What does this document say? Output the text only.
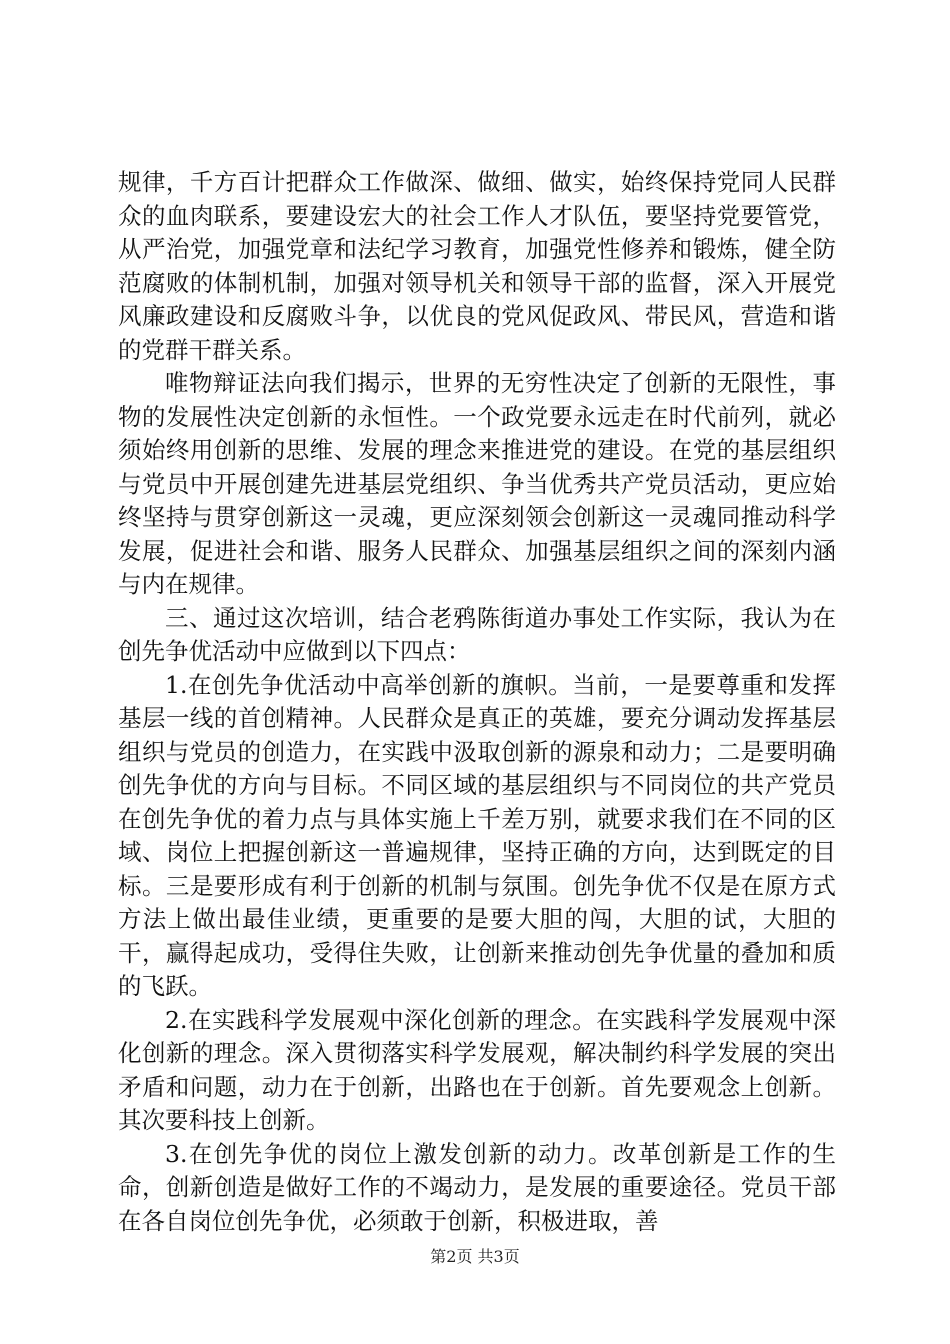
规律，千方百计把群众工作做深、做细、做实，始终保持党同人民群众的血肉联系，要建设宏大的社会工作人才队伍，要坚持党要管党，从严治党，加强党章和法纪学习教育，加强党性修养和锻炼，健全防范腐败的体制机制，加强对领导机关和领导干部的监督，深入开展党风廉政建设和反腐败斗争，以优良的党风促政风、带民风，营造和谐的党群干群关系。

唯物辩证法向我们揭示，世界的无穷性决定了创新的无限性，事物的发展性决定创新的永恒性。一个政党要永远走在时代前列，就必须始终用创新的思维、发展的理念来推进党的建设。在党的基层组织与党员中开展创建先进基层党组织、争当优秀共产党员活动，更应始终坚持与贯穿创新这一灵魂，更应深刻领会创新这一灵魂同推动科学发展，促进社会和谐、服务人民群众、加强基层组织之间的深刻内涵与内在规律。

三、通过这次培训，结合老鸦陈街道办事处工作实际，我认为在创先争优活动中应做到以下四点：

1.在创先争优活动中高举创新的旗帜。当前，一是要尊重和发挥基层一线的首创精神。人民群众是真正的英雄，要充分调动发挥基层组织与党员的创造力，在实践中汲取创新的源泉和动力；二是要明确创先争优的方向与目标。不同区域的基层组织与不同岗位的共产党员在创先争优的着力点与具体实施上千差万别，就要求我们在不同的区域、岗位上把握创新这一普遍规律，坚持正确的方向，达到既定的目标。三是要形成有利于创新的机制与氛围。创先争优不仅是在原方式方法上做出最佳业绩，更重要的是要大胆的闯，大胆的试，大胆的干，赢得起成功，受得住失败，让创新来推动创先争优量的叠加和质的飞跃。

2.在实践科学发展观中深化创新的理念。在实践科学发展观中深化创新的理念。深入贯彻落实科学发展观，解决制约科学发展的突出矛盾和问题，动力在于创新，出路也在于创新。首先要观念上创新。其次要科技上创新。

3.在创先争优的岗位上激发创新的动力。改革创新是工作的生命，创新创造是做好工作的不竭动力，是发展的重要途径。党员干部在各自岗位创先争优，必须敢于创新，积极进取，善

第2页 共3页
